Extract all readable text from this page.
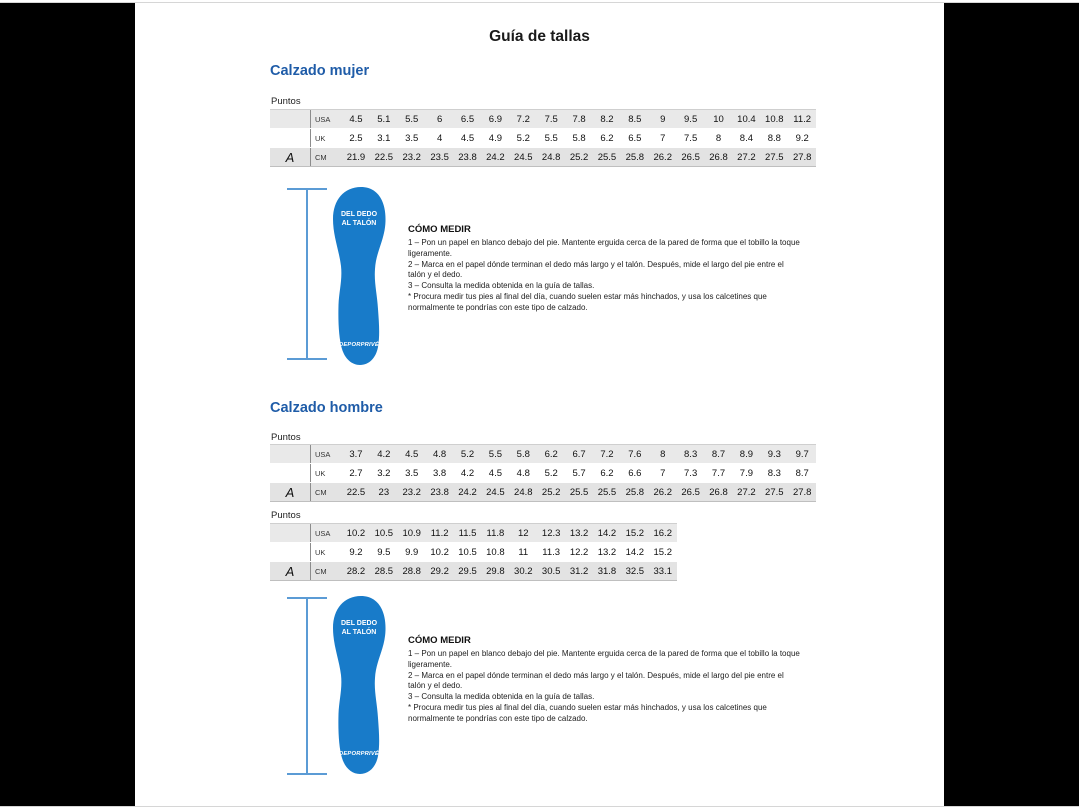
Guía de tallas
Calzado mujer
Puntos
USA	4.5	5.1	5.5	6	6.5	6.9	7.2	7.5	7.8	8.2	8.5	9	9.5	10	10.4 10.8	11.2
UK	2.5	3.1	3.5	4	4.5	4.9	5.2	5.5	5.8	6.2	6.5	7	7.5	8	8.4	8.8	9.2
A	CM	21.9 22.5 23.2 23.5 23.8 24.2 24.5 24.8 25.2 25.5 25.8 26.2 26.5 26.8 27.2 27.5 27.8
DEL DEDO
AL TALÓN
DEPORPRIVÉ
CÓMO MEDIR

1 – Pon un papel en blanco debajo del pie. Mantente erguida cerca de la pared de forma que el tobillo la toque ligeramente.

2 – Marca en el papel dónde terminan el dedo más largo y el talón. Después, mide el largo del pie entre el talón y el dedo.

3 – Consulta la medida obtenida en la guía de tallas.

* Procura medir tus pies al final del día, cuando suelen estar más hinchados, y usa los calcetines que normalmente te pondrías con este tipo de calzado.

Calzado hombre
Puntos
USA	3.7	4.2	4.5	4.8	5.2	5.5	5.8	6.2	6.7	7.2	7.6	8	8.3	8.7	8.9	9.3	9.7
UK	2.7	3.2	3.5	3.8	4.2	4.5	4.8	5.2	5.7	6.2	6.6	7	7.3	7.7	7.9	8.3	8.7
A	CM	22.5	23	23.2 23.8 24.2 24.5 24.8 25.2 25.5 25.5 25.8 26.2 26.5 26.8 27.2 27.5 27.8
Puntos
USA	10.2 10.5 10.9	11.2	11.5	11.8	12	12.3 13.2 14.2 15.2 16.2
UK	9.2	9.5	9.9	10.2 10.5 10.8	11	11.3	12.2 13.2 14.2 15.2
A	CM	28.2 28.5 28.8 29.2 29.5 29.8 30.2 30.5 31.2 31.8 32.5 33.1
DEL DEDO
AL TALÓN
DEPORPRIVÉ
CÓMO MEDIR

1 – Pon un papel en blanco debajo del pie. Mantente erguida cerca de la pared de forma que el tobillo la toque ligeramente.

2 – Marca en el papel dónde terminan el dedo más largo y el talón. Después, mide el largo del pie entre el talón y el dedo.

3 – Consulta la medida obtenida en la guía de tallas.

* Procura medir tus pies al final del día, cuando suelen estar más hinchados, y usa los calcetines que normalmente te pondrías con este tipo de calzado.
